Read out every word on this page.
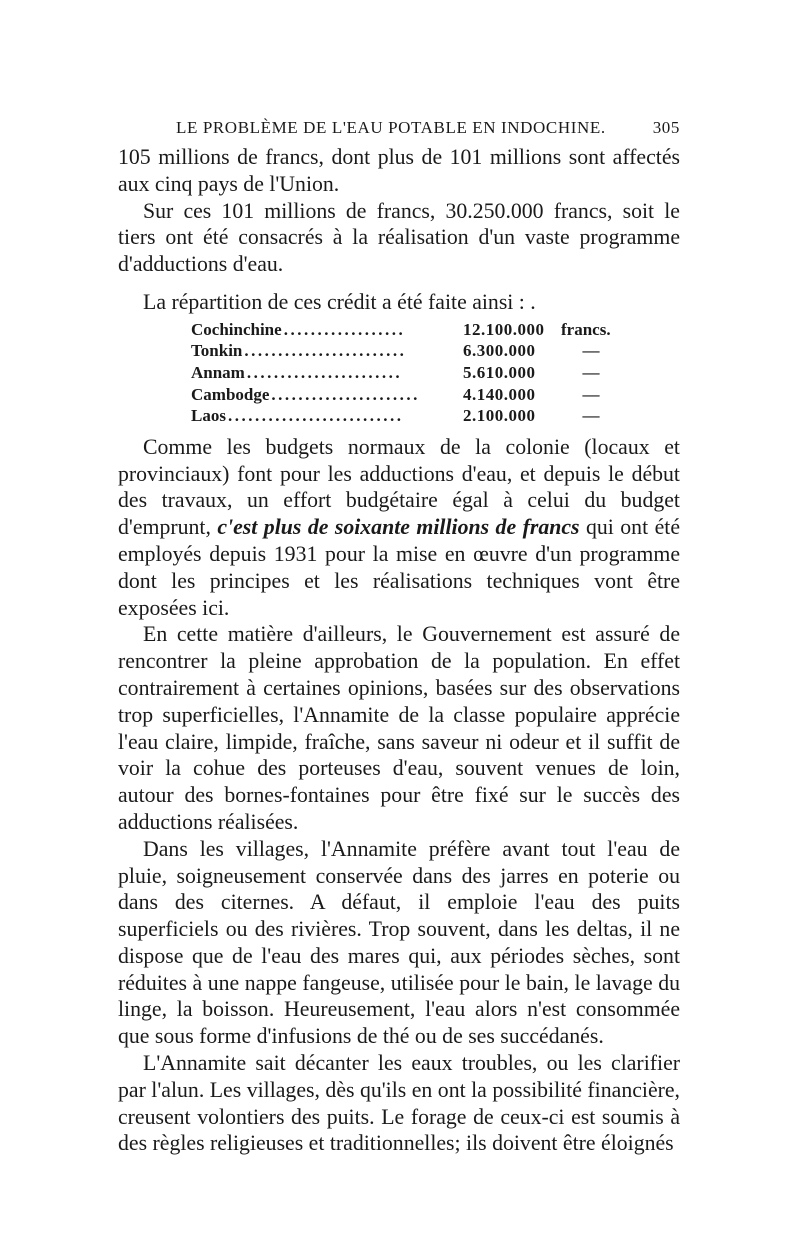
LE PROBLÈME DE L'EAU POTABLE EN INDOCHINE.	305

105 millions de francs, dont plus de 101 millions sont affectés aux cinq pays de l'Union.

Sur ces 101 millions de francs, 30.250.000 francs, soit le tiers ont été consacrés à la réalisation d'un vaste programme d'adductions d'eau.

La répartition de ces crédit a été faite ainsi : .

Cochinchine ..................	12.100.000 francs.
Tonkin ........................	6.300.000	—
Annam .......................	5.610.000	—
Cambodge ......................	4.140.000	—
Laos ..........................	2.100.000	—

Comme les budgets normaux de la colonie (locaux et provinciaux) font pour les adductions d'eau, et depuis le début des travaux, un effort budgétaire égal à celui du budget d'emprunt, c'est plus de soixante millions de francs qui ont été employés depuis 1931 pour la mise en œuvre d'un programme dont les principes et les réalisations techniques vont être exposées ici.

En cette matière d'ailleurs, le Gouvernement est assuré de rencontrer la pleine approbation de la population. En effet contrairement à certaines opinions, basées sur des observations trop superficielles, l'Annamite de la classe populaire apprécie l'eau claire, limpide, fraîche, sans saveur ni odeur et il suffit de voir la cohue des porteuses d'eau, souvent venues de loin, autour des bornes-fontaines pour être fixé sur le succès des adductions réalisées.

Dans les villages, l'Annamite préfère avant tout l'eau de pluie, soigneusement conservée dans des jarres en poterie ou dans des citernes. A défaut, il emploie l'eau des puits superficiels ou des rivières. Trop souvent, dans les deltas, il ne dispose que de l'eau des mares qui, aux périodes sèches, sont réduites à une nappe fangeuse, utilisée pour le bain, le lavage du linge, la boisson. Heureusement, l'eau alors n'est consommée que sous forme d'infusions de thé ou de ses succédanés.

L'Annamite sait décanter les eaux troubles, ou les clarifier par l'alun. Les villages, dès qu'ils en ont la possibilité financière, creusent volontiers des puits. Le forage de ceux-ci est soumis à des règles religieuses et traditionnelles; ils doivent être éloignés
